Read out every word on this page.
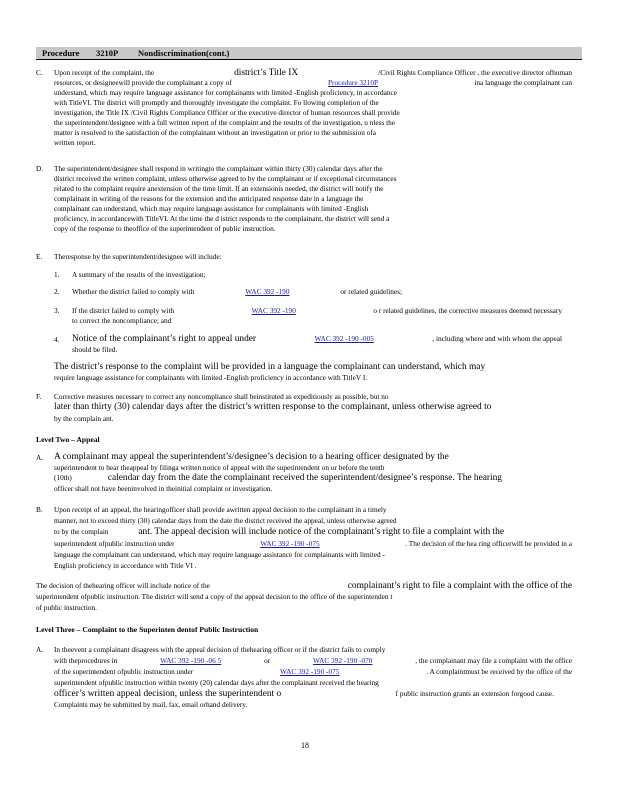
Procedure 3210P Nondiscrimination(cont.)
C. Upon receipt of the complaint, the	district’s Title IX	/Civil Rights Compliance Officer , the executive director ofhuman
resources, or designeewill provide the complainant a copy of	Procedure 3210P	ina language the complainant can
understand, which may require language assistance for complainants with limited -English proficiency, in accordance
with TitleVI. The district will promptly and thoroughly investigate the complaint. Fo llowing completion of the
investigation, the Title IX /Civil Rights Compliance Officer or the executive director of human resources shall provide
the superintendent/designee with a full written report of the complaint and the results of the investigation, u nless the
matter is resolved to the satisfaction of the complainant without an investigation or prior to the submission ofa
written report.
D. The superintendent/designee shall respond in writingto the complainant within thirty (30) calendar days after the
district received the written complaint, unless otherwise agreed to by the complainant or if exceptional circumstances
related to the complaint require anextension of the time limit. If an extensionis needed, the district will notify the
complainant in writing of the reasons for the extension and the anticipated response date in a language the
complainant can understand, which may require language assistance for complainants with limited -English
proficiency, in accordancewith TitleVI. At the time the d istrict responds to the complainant, the district will send a
copy of the response to theoffice of the superintendent of public instruction.
E. Theresponse by the superintendent/designee will include:
1. A summary of the results of the investigation;
2. Whether the district failed to comply with	WAC 392 -190	or related guidelines;
3. If the district failed to comply with	WAC 392 -190	o r related guidelines, the corrective measures deemed necessary
to correct the noncompliance; and
4. Notice of the complainant’s right to appeal under	WAC 392 -190 -005	, including where and with whom the appeal
should be filed.
The district’s response to the complaint will be provided in a language the complainant can understand, which may
require language assistance for complainants with limited -English proficiency in accordance with TitleV I.
F. Corrective measures necessary to correct any noncompliance shall beinstituted as expeditiously as possible, but no
later than thirty (30) calendar days after the district’s written response to the complainant, unless otherwise agreed to
by the complain ant.
Level Two – Appeal
A. A complainant may appeal the superintendent’s/designee’s decision to a hearing officer designated by the
superintendent to hear theappeal by filinga written notice of appeal with the superintendent on or before the tenth
(10th)	calendar day from the date the complainant received the superintendent/designee’s response. The hearing
officer shall not have beeninvolved in theinitial complaint or investigation.
B. Upon receipt of an appeal, the hearingofficer shall provide awritten appeal decision to the complainant in a timely
manner, not to exceed thirty (30) calendar days from the date the district received the appeal, unless otherwise agreed
to by the complain	ant. The appeal decision will include notice of the complainant’s right to file a complaint with the
superintendent ofpublic instruction under	WAC 392 -190 -075	. The decision of the hea ring officerwill be provided in a
language the complainant can understand, which may require language assistance for complainants with limited -
English proficiency in accordance with Title VI .
The decision of thehearing officer will include notice of the	complainant’s right to file a complaint with the office of the
superintendent ofpublic instruction. The district will send a copy of the appeal decision to the office of the superintenden t
of public instruction.
Level Three – Complaint to the Superinten dentof Public Instruction
A. In theevent a complainant disagrees with the appeal decision of thehearing officer or if the district fails to comply
with theprocedures in	WAC 392 -190 -06 5	or	WAC 392 -190 -070	, the complainant may file a complaint with the office
of the superintendent ofpublic instruction under	WAC 392 -190 -075	. A complaintmust be received by the office of the
superintendent ofpublic instruction within twenty (20) calendar days after the complainant received the hearing
officer’s written appeal decision, unless the superintendent o	f public instruction grants an extension forgood cause.
Complaints may be submitted by mail, fax, email orhand delivery.
18
